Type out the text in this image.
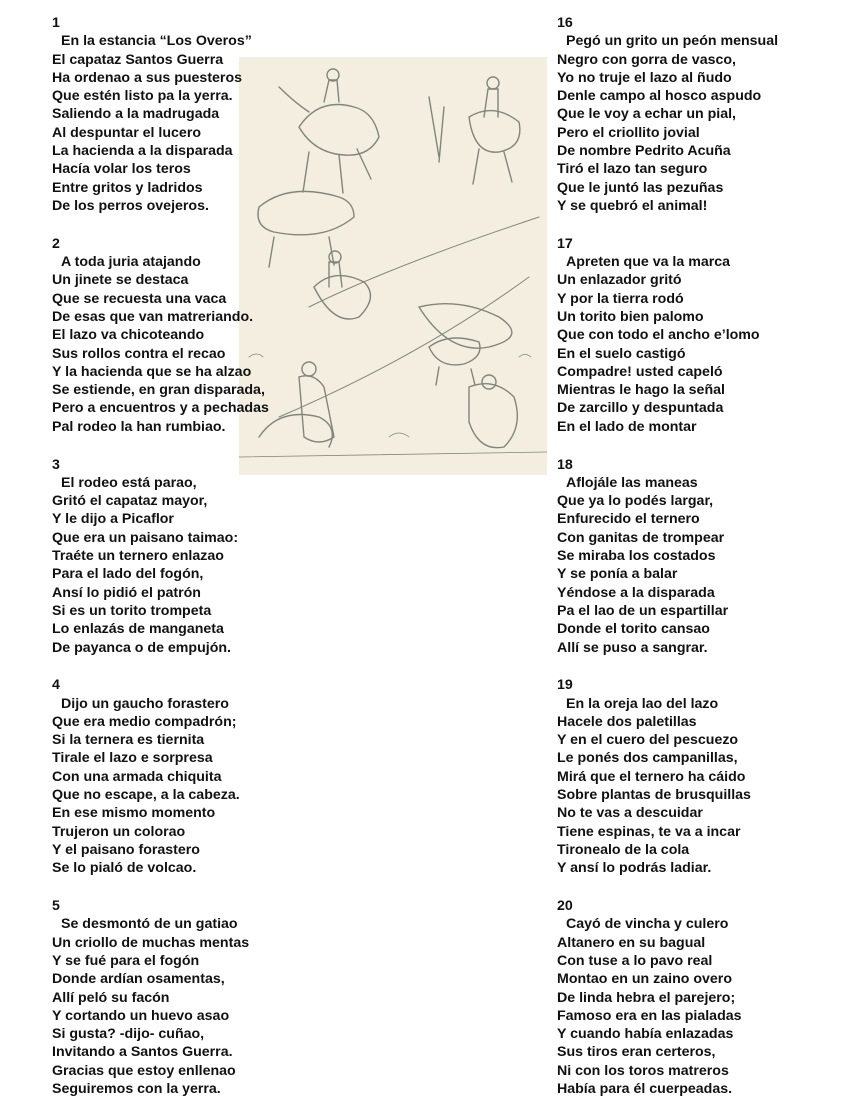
1
En la estancia “Los Overos”
El capataz Santos Guerra
Ha ordenao a sus puesteros
Que estén listo pa la yerra.
Saliendo a la madrugada
Al despuntar el lucero
La hacienda a la disparada
Hacía volar los teros
Entre gritos y ladridos
De los perros ovejeros.
2
A toda juria atajando
Un jinete se destaca
Que se recuesta una vaca
De esas que van matreriando.
El lazo va chicoteando
Sus rollos contra el recao
Y la hacienda que se ha alzao
Se estiende, en gran disparada,
Pero a encuentros y a pechadas
Pal rodeo la han rumbiao.
3
El rodeo está parao,
Gritó el capataz mayor,
Y le dijo a Picaflor
Que era un paisano taimao:
Traéte un ternero enlazao
Para el lado del fogón,
Ansí lo pidió el patrón
Si es un torito trompeta
Lo enlazás de manganeta
De payanca o de empujón.
4
Dijo un gaucho forastero
Que era medio compadrón;
Si la ternera es tiernita
Tirale el lazo e sorpresa
Con una armada chiquita
Que no escape, a la cabeza.
En ese mismo momento
Trujeron un colorao
Y el paisano forastero
Se lo pialó de volcao.
5
Se desmontó de un gatiao
Un criollo de muchas mentas
Y se fué para el fogón
Donde ardían osamentas,
Allí peló su facón
Y cortando un huevo asao
Si gusta? -dijo- cuñao,
Invitando a Santos Guerra.
Gracias que estoy enllenao
Seguiremos con la yerra.
16
Pegó un grito un peón mensual
Negro con gorra de vasco,
Yo no truje el lazo al ñudo
Denle campo al hosco aspudo
Que le voy a echar un pial,
Pero el criollito jovial
De nombre Pedrito Acuña
Tiró el lazo tan seguro
Que le juntó las pezuñas
Y se quebró el animal!
17
Apreten que va la marca
Un enlazador gritó
Y por la tierra rodó
Un torito bien palomo
Que con todo el ancho e’lomo
En el suelo castigó
Compadre! usted capeló
Mientras le hago la señal
De zarcillo y despuntada
En el lado de montar
18
Aflojále las maneas
Que ya lo podés largar,
Enfurecido el ternero
Con ganitas de trompear
Se miraba los costados
Y se ponía a balar
Yéndose a la disparada
Pa el lao de un espartillar
Donde el torito cansao
Allí se puso a sangrar.
19
En la oreja lao del lazo
Hacele dos paletillas
Y en el cuero del pescuezo
Le ponés dos campanillas,
Mirá que el ternero ha cáido
Sobre plantas de brusquillas
No te vas a descuidar
Tiene espinas, te va a incar
Tironealo de la cola
Y ansí lo podrás ladiar.
20
Cayó de vincha y culero
Altanero en su bagual
Con tuse a lo pavo real
Montao en un zaino overo
De linda hebra el parejero;
Famoso era en las pialadas
Y cuando había enlazadas
Sus tiros eran certeros,
Ni con los toros matreros
Había para él cuerpeadas.
